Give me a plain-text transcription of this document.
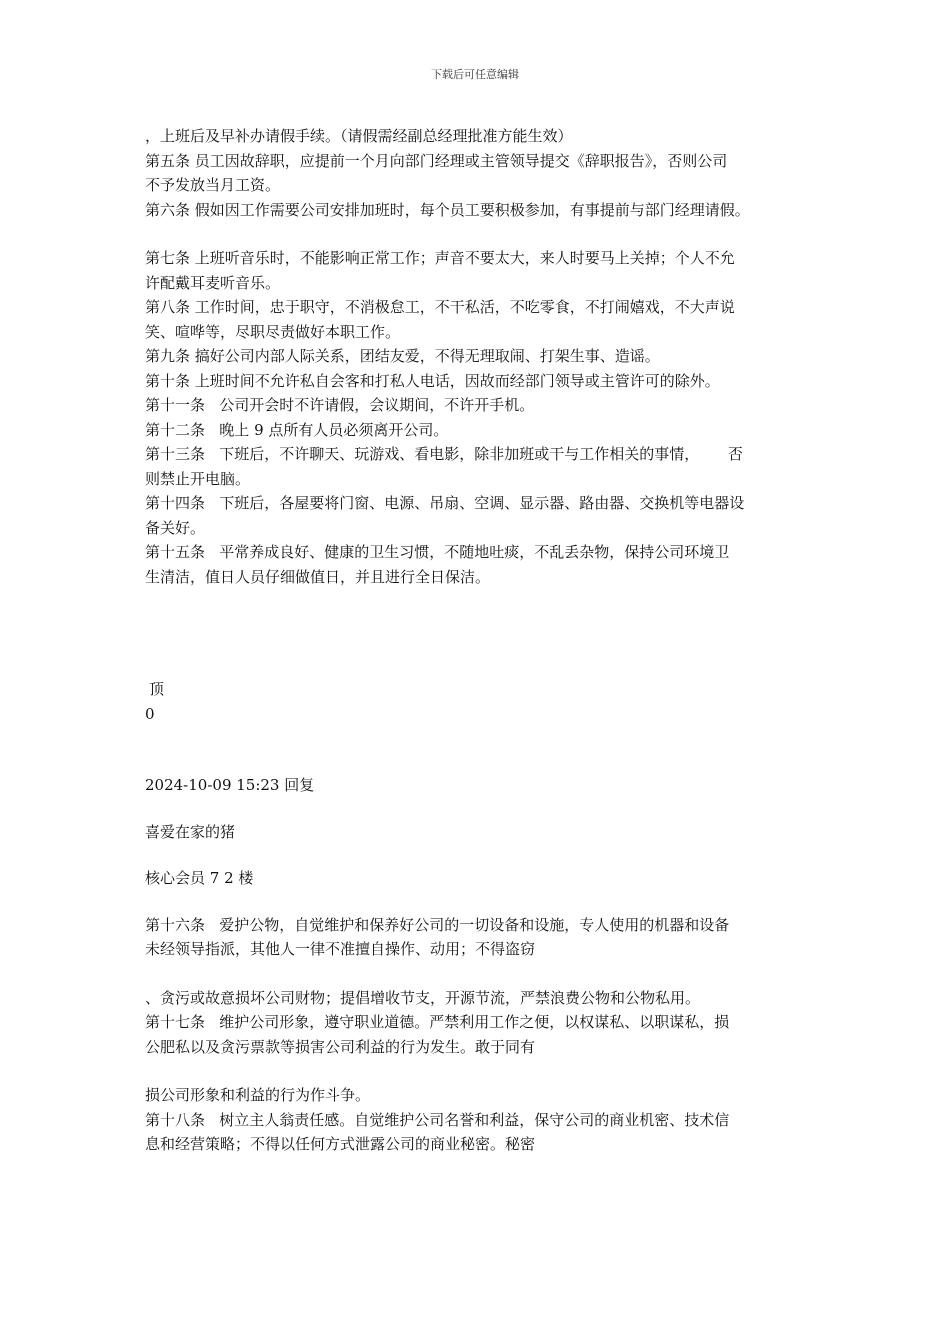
下载后可任意编辑

，上班后及早补办请假手续。（请假需经副总经理批准方能生效）

第五条 员工因故辞职，应提前一个月向部门经理或主管领导提交《辞职报告》，否则公司

不予发放当月工资。

第六条 假如因工作需要公司安排加班时，每个员工要积极参加，有事提前与部门经理请假。

第七条 上班听音乐时，不能影响正常工作；声音不要太大，来人时要马上关掉；个人不允

许配戴耳麦听音乐。

第八条 工作时间，忠于职守，不消极怠工，不干私活，不吃零食，不打闹嬉戏，不大声说

笑、喧哗等，尽职尽责做好本职工作。

第九条 搞好公司内部人际关系，团结友爱，不得无理取闹、打架生事、造谣。

第十条 上班时间不允许私自会客和打私人电话，因故而经部门领导或主管许可的除外。

第十一条   公司开会时不许请假，会议期间，不许开手机。

第十二条   晚上 9 点所有人员必须离开公司。

第十三条   下班后，不许聊天、玩游戏、看电影，除非加班或干与工作相关的事情，      否

则禁止开电脑。

第十四条   下班后，各屋要将门窗、电源、吊扇、空调、显示器、路由器、交换机等电器设

备关好。

第十五条   平常养成良好、健康的卫生习惯，不随地吐痰，不乱丢杂物，保持公司环境卫

生清洁，值日人员仔细做值日，并且进行全日保洁。

顶

0

2024-10-09 15:23 回复

喜爱在家的猪

核心会员 7 2 楼

第十六条   爱护公物，自觉维护和保养好公司的一切设备和设施，专人使用的机器和设备

未经领导指派，其他人一律不准擅自操作、动用；不得盗窃

、贪污或故意损坏公司财物；提倡增收节支，开源节流，严禁浪费公物和公物私用。

第十七条   维护公司形象，遵守职业道德。严禁利用工作之便，以权谋私、以职谋私，损

公肥私以及贪污票款等损害公司利益的行为发生。敢于同有

损公司形象和利益的行为作斗争。

第十八条   树立主人翁责任感。自觉维护公司名誉和利益，保守公司的商业机密、技术信

息和经营策略；不得以任何方式泄露公司的商业秘密。秘密
